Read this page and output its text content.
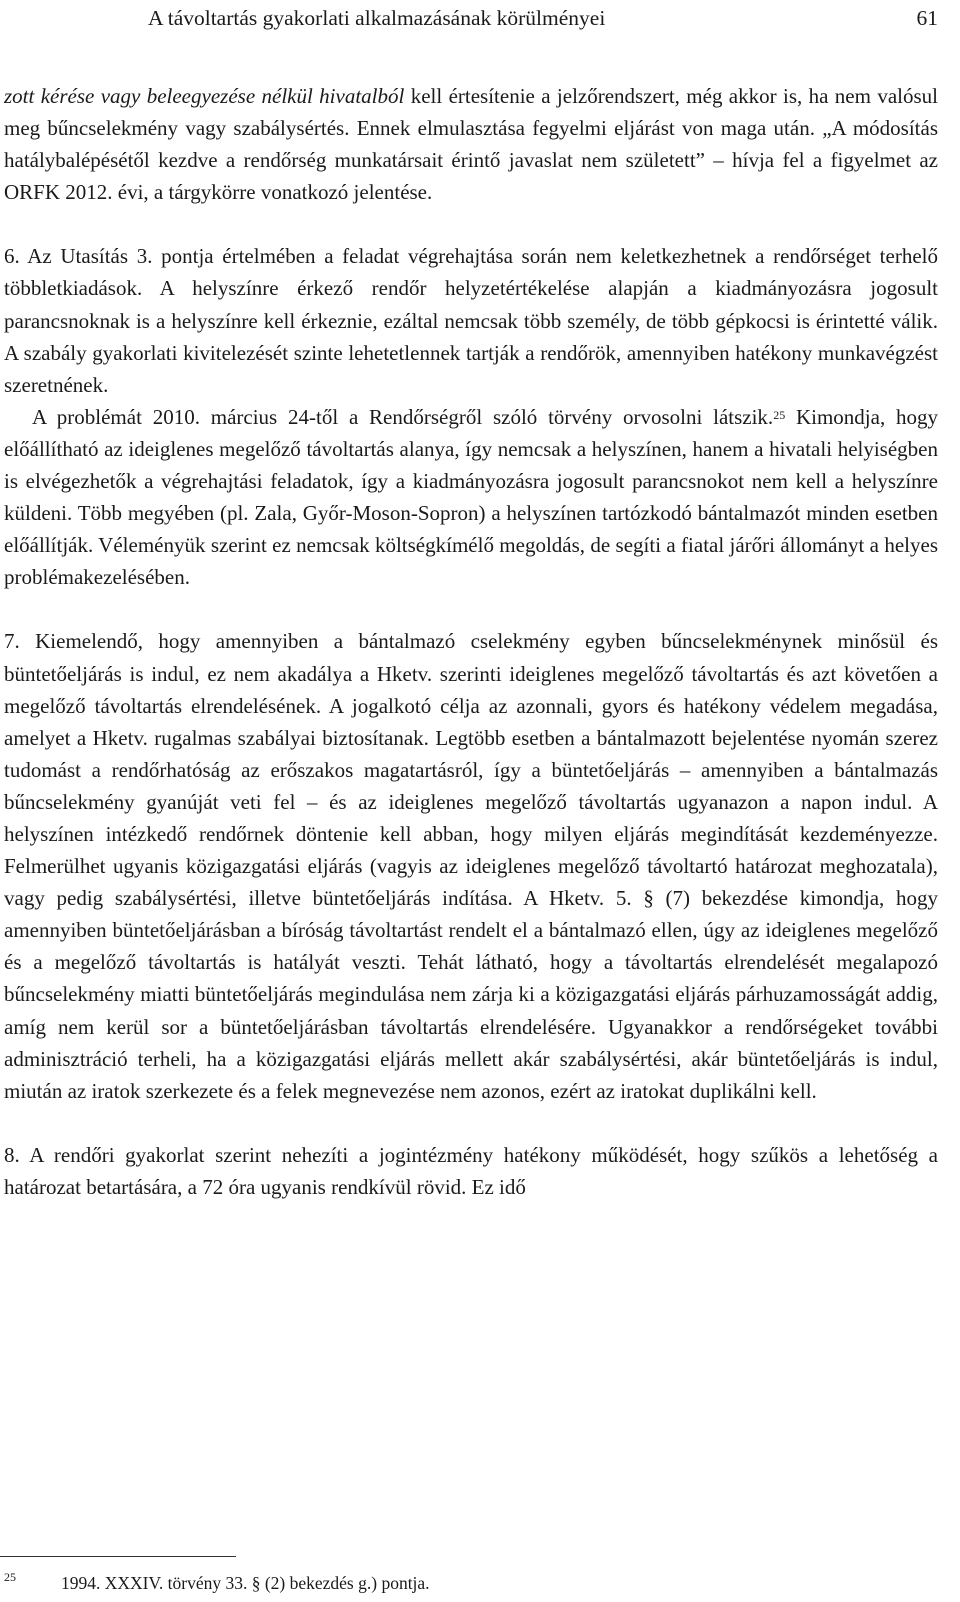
A távoltartás gyakorlati alkalmazásának körülményei	61

zott kérése vagy beleegyezése nélkül hivatalból kell értesítenie a jelzőrendszert, még akkor is, ha nem valósul meg bűncselekmény vagy szabálysértés. Ennek elmulasztása fegyelmi eljárást von maga után. „A módosítás hatálybalépésétől kezdve a rendőrség munkatársait érintő javaslat nem született” – hívja fel a figyelmet az ORFK 2012. évi, a tárgykörre vonatkozó jelentése.

6. Az Utasítás 3. pontja értelmében a feladat végrehajtása során nem keletkezhetnek a rendőrséget terhelő többletkiadások. A helyszínre érkező rendőr helyzetértékelése alapján a kiadmányozásra jogosult parancsnoknak is a helyszínre kell érkeznie, ezáltal nemcsak több személy, de több gépkocsi is érintetté válik. A szabály gyakorlati kivitelezését szinte lehetetlennek tartják a rendőrök, amennyiben hatékony munkavégzést szeretnének.

A problémát 2010. március 24-től a Rendőrségről szóló törvény orvosolni látszik.$^{25}$ Kimondja, hogy előállítható az ideiglenes megelőző távoltartás alanya, így nemcsak a helyszínen, hanem a hivatali helyiségben is elvégezhetők a végrehajtási feladatok, így a kiadmányozásra jogosult parancsnokot nem kell a helyszínre küldeni. Több megyében (pl. Zala, Győr-Moson-Sopron) a helyszínen tartózkodó bántalmazót minden esetben előállítják. Véleményük szerint ez nemcsak költségkímélő megoldás, de segíti a fiatal járőri állományt a helyes problémakezelésében.

7. Kiemelendő, hogy amennyiben a bántalmazó cselekmény egyben bűncselekménynek minősül és büntetőeljárás is indul, ez nem akadálya a Hketv. szerinti ideiglenes megelőző távoltartás és azt követően a megelőző távoltartás elrendelésének. A jogalkotó célja az azonnali, gyors és hatékony védelem megadása, amelyet a Hketv. rugalmas szabályai biztosítanak. Legtöbb esetben a bántalmazott bejelentése nyomán szerez tudomást a rendőrhatóság az erőszakos magatartásról, így a büntetőeljárás – amennyiben a bántalmazás bűncselekmény gyanúját veti fel – és az ideiglenes megelőző távoltartás ugyanazon a napon indul. A helyszínen intézkedő rendőrnek döntenie kell abban, hogy milyen eljárás megindítását kezdeményezze. Felmerülhet ugyanis közigazgatási eljárás (vagyis az ideiglenes megelőző távoltartó határozat meghozatala), vagy pedig szabálysértési, illetve büntetőeljárás indítása. A Hketv. 5. § (7) bekezdése kimondja, hogy amennyiben büntetőeljárásban a bíróság távoltartást rendelt el a bántalmazó ellen, úgy az ideiglenes megelőző és a megelőző távoltartás is hatályát veszti. Tehát látható, hogy a távoltartás elrendelését megalapozó bűncselekmény miatti büntetőeljárás megindulása nem zárja ki a közigazgatási eljárás párhuzamosságát addig, amíg nem kerül sor a büntetőeljárásban távoltartás elrendelésére. Ugyanakkor a rendőrségeket további adminisztráció terheli, ha a közigazgatási eljárás mellett akár szabálysértési, akár büntetőeljárás is indul, miután az iratok szerkezete és a felek megnevezése nem azonos, ezért az iratokat duplikálni kell.

8. A rendőri gyakorlat szerint nehezíti a jogintézmény hatékony működését, hogy szűkös a lehetőség a határozat betartására, a 72 óra ugyanis rendkívül rövid. Ez idő

25	1994. XXXIV. törvény 33. § (2) bekezdés g.) pontja.
